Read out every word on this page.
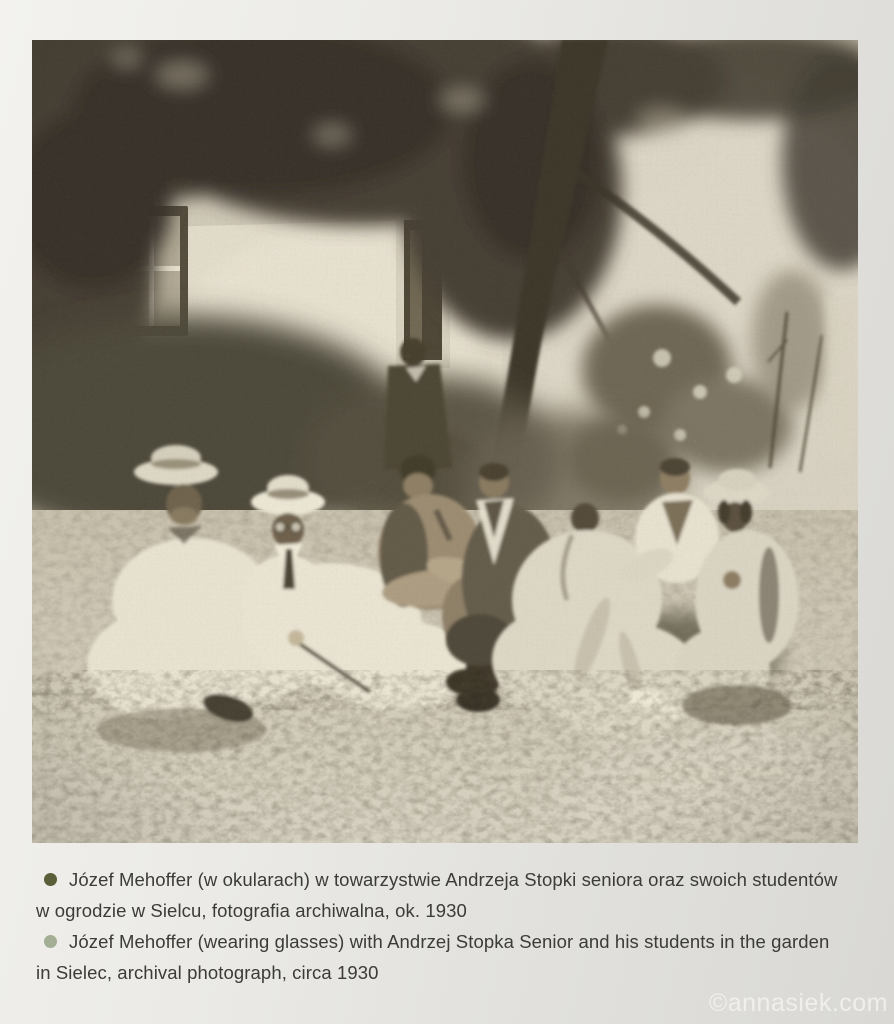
Józef Mehoffer (w okularach) w towarzystwie Andrzeja Stopki seniora oraz swoich studentów
w ogrodzie w Sielcu, fotografia archiwalna, ok. 1930

Józef Mehoffer (wearing glasses) with Andrzej Stopka Senior and his students in the garden
in Sielec, archival photograph, circa 1930

©annasiek.com
